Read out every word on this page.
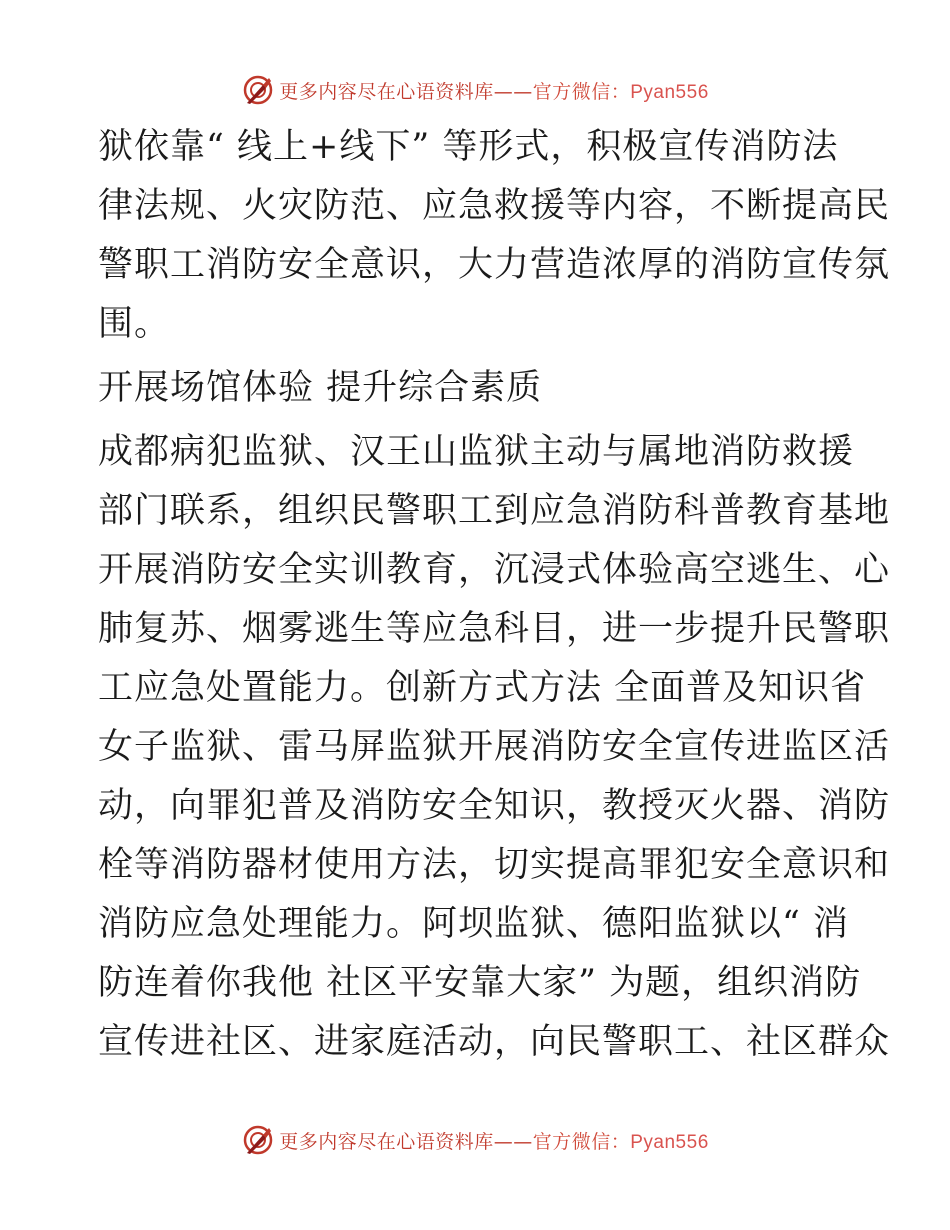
更多内容尽在心语资料库——官方微信：Pyan556
狱依靠“ 线上+线下” 等形式，积极宣传消防法
律法规、火灾防范、应急救援等内容，不断提高民
警职工消防安全意识，大力营造浓厚的消防宣传氛
围。
开展场馆体验 提升综合素质
成都病犯监狱、汉王山监狱主动与属地消防救援
部门联系，组织民警职工到应急消防科普教育基地
开展消防安全实训教育，沉浸式体验高空逃生、心
肺复苏、烟雾逃生等应急科目，进一步提升民警职
工应急处置能力。创新方式方法 全面普及知识省
女子监狱、雷马屏监狱开展消防安全宣传进监区活
动，向罪犯普及消防安全知识，教授灭火器、消防
栓等消防器材使用方法，切实提高罪犯安全意识和
消防应急处理能力。阿坝监狱、德阳监狱以“ 消
防连着你我他 社区平安靠大家” 为题，组织消防
宣传进社区、进家庭活动，向民警职工、社区群众
更多内容尽在心语资料库——官方微信：Pyan556
